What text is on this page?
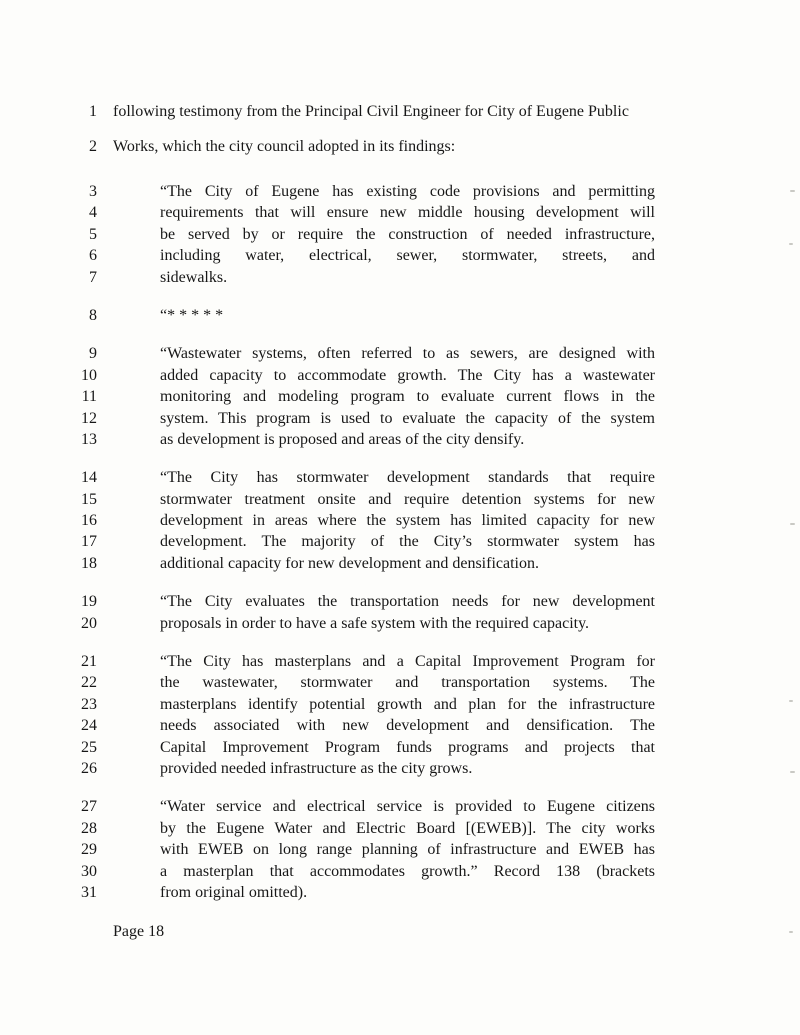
1 following testimony from the Principal Civil Engineer for City of Eugene Public
2 Works, which the city council adopted in its findings:
3	“The City of Eugene has existing code provisions and permitting
4	requirements that will ensure new middle housing development will
5	be served by or require the construction of needed infrastructure,
6	including water, electrical, sewer, stormwater, streets, and
7	sidewalks.
8	“* * * * *
9	“Wastewater systems, often referred to as sewers, are designed with
10	added capacity to accommodate growth. The City has a wastewater
11	monitoring and modeling program to evaluate current flows in the
12	system. This program is used to evaluate the capacity of the system
13	as development is proposed and areas of the city densify.
14	“The City has stormwater development standards that require
15	stormwater treatment onsite and require detention systems for new
16	development in areas where the system has limited capacity for new
17	development. The majority of the City’s stormwater system has
18	additional capacity for new development and densification.
19	“The City evaluates the transportation needs for new development
20	proposals in order to have a safe system with the required capacity.
21	“The City has masterplans and a Capital Improvement Program for
22	the wastewater, stormwater and transportation systems. The
23	masterplans identify potential growth and plan for the infrastructure
24	needs associated with new development and densification. The
25	Capital Improvement Program funds programs and projects that
26	provided needed infrastructure as the city grows.
27	“Water service and electrical service is provided to Eugene citizens
28	by the Eugene Water and Electric Board [(EWEB)]. The city works
29	with EWEB on long range planning of infrastructure and EWEB has
30	a masterplan that accommodates growth.” Record 138 (brackets
31	from original omitted).
Page 18
